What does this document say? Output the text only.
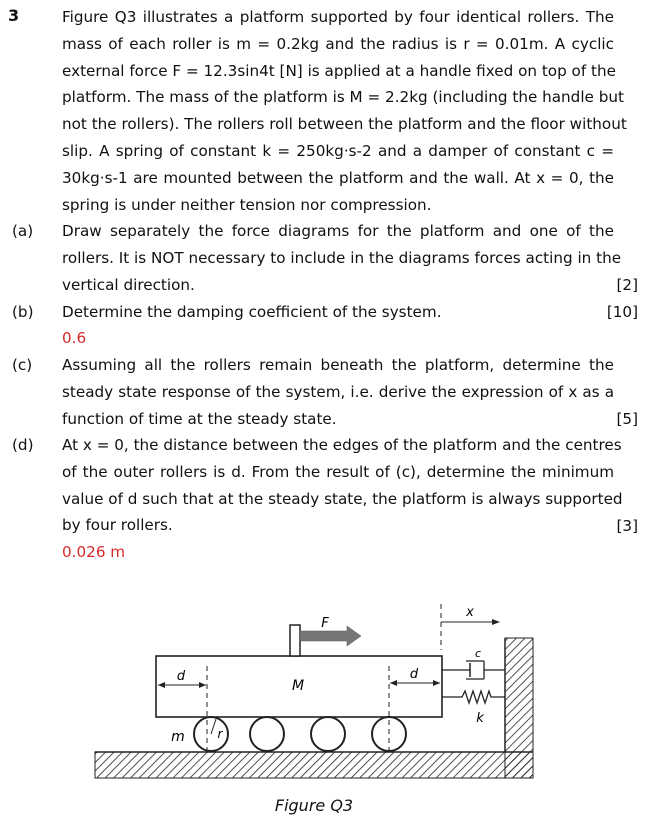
3	Figure Q3 illustrates a platform supported by four identical rollers. The
mass of each roller is m = 0.2kg and the radius is r = 0.01m. A cyclic
external force F = 12.3sin4t [N] is applied at a handle fixed on top of the
platform. The mass of the platform is M = 2.2kg (including the handle but
not the rollers). The rollers roll between the platform and the floor without
slip. A spring of constant k = 250kg·s-2 and a damper of constant c =
30kg·s-1 are mounted between the platform and the wall. At x = 0, the
spring is under neither tension nor compression.
(a) Draw separately the force diagrams for the platform and one of the
rollers. It is NOT necessary to include in the diagrams forces acting in the
vertical direction.	[2]
(b) Determine the damping coefficient of the system.	[10]
0.6
(c) Assuming all the rollers remain beneath the platform, determine the
steady state response of the system, i.e. derive the expression of x as a
function of time at the steady state.	[5]
(d) At x = 0, the distance between the edges of the platform and the centres
of the outer rollers is d. From the result of (c), determine the minimum
value of d such that at the steady state, the platform is always supported
by four rollers.	[3]
0.026 m
F
d	d
x
M
m	r
c
k
Figure Q3
